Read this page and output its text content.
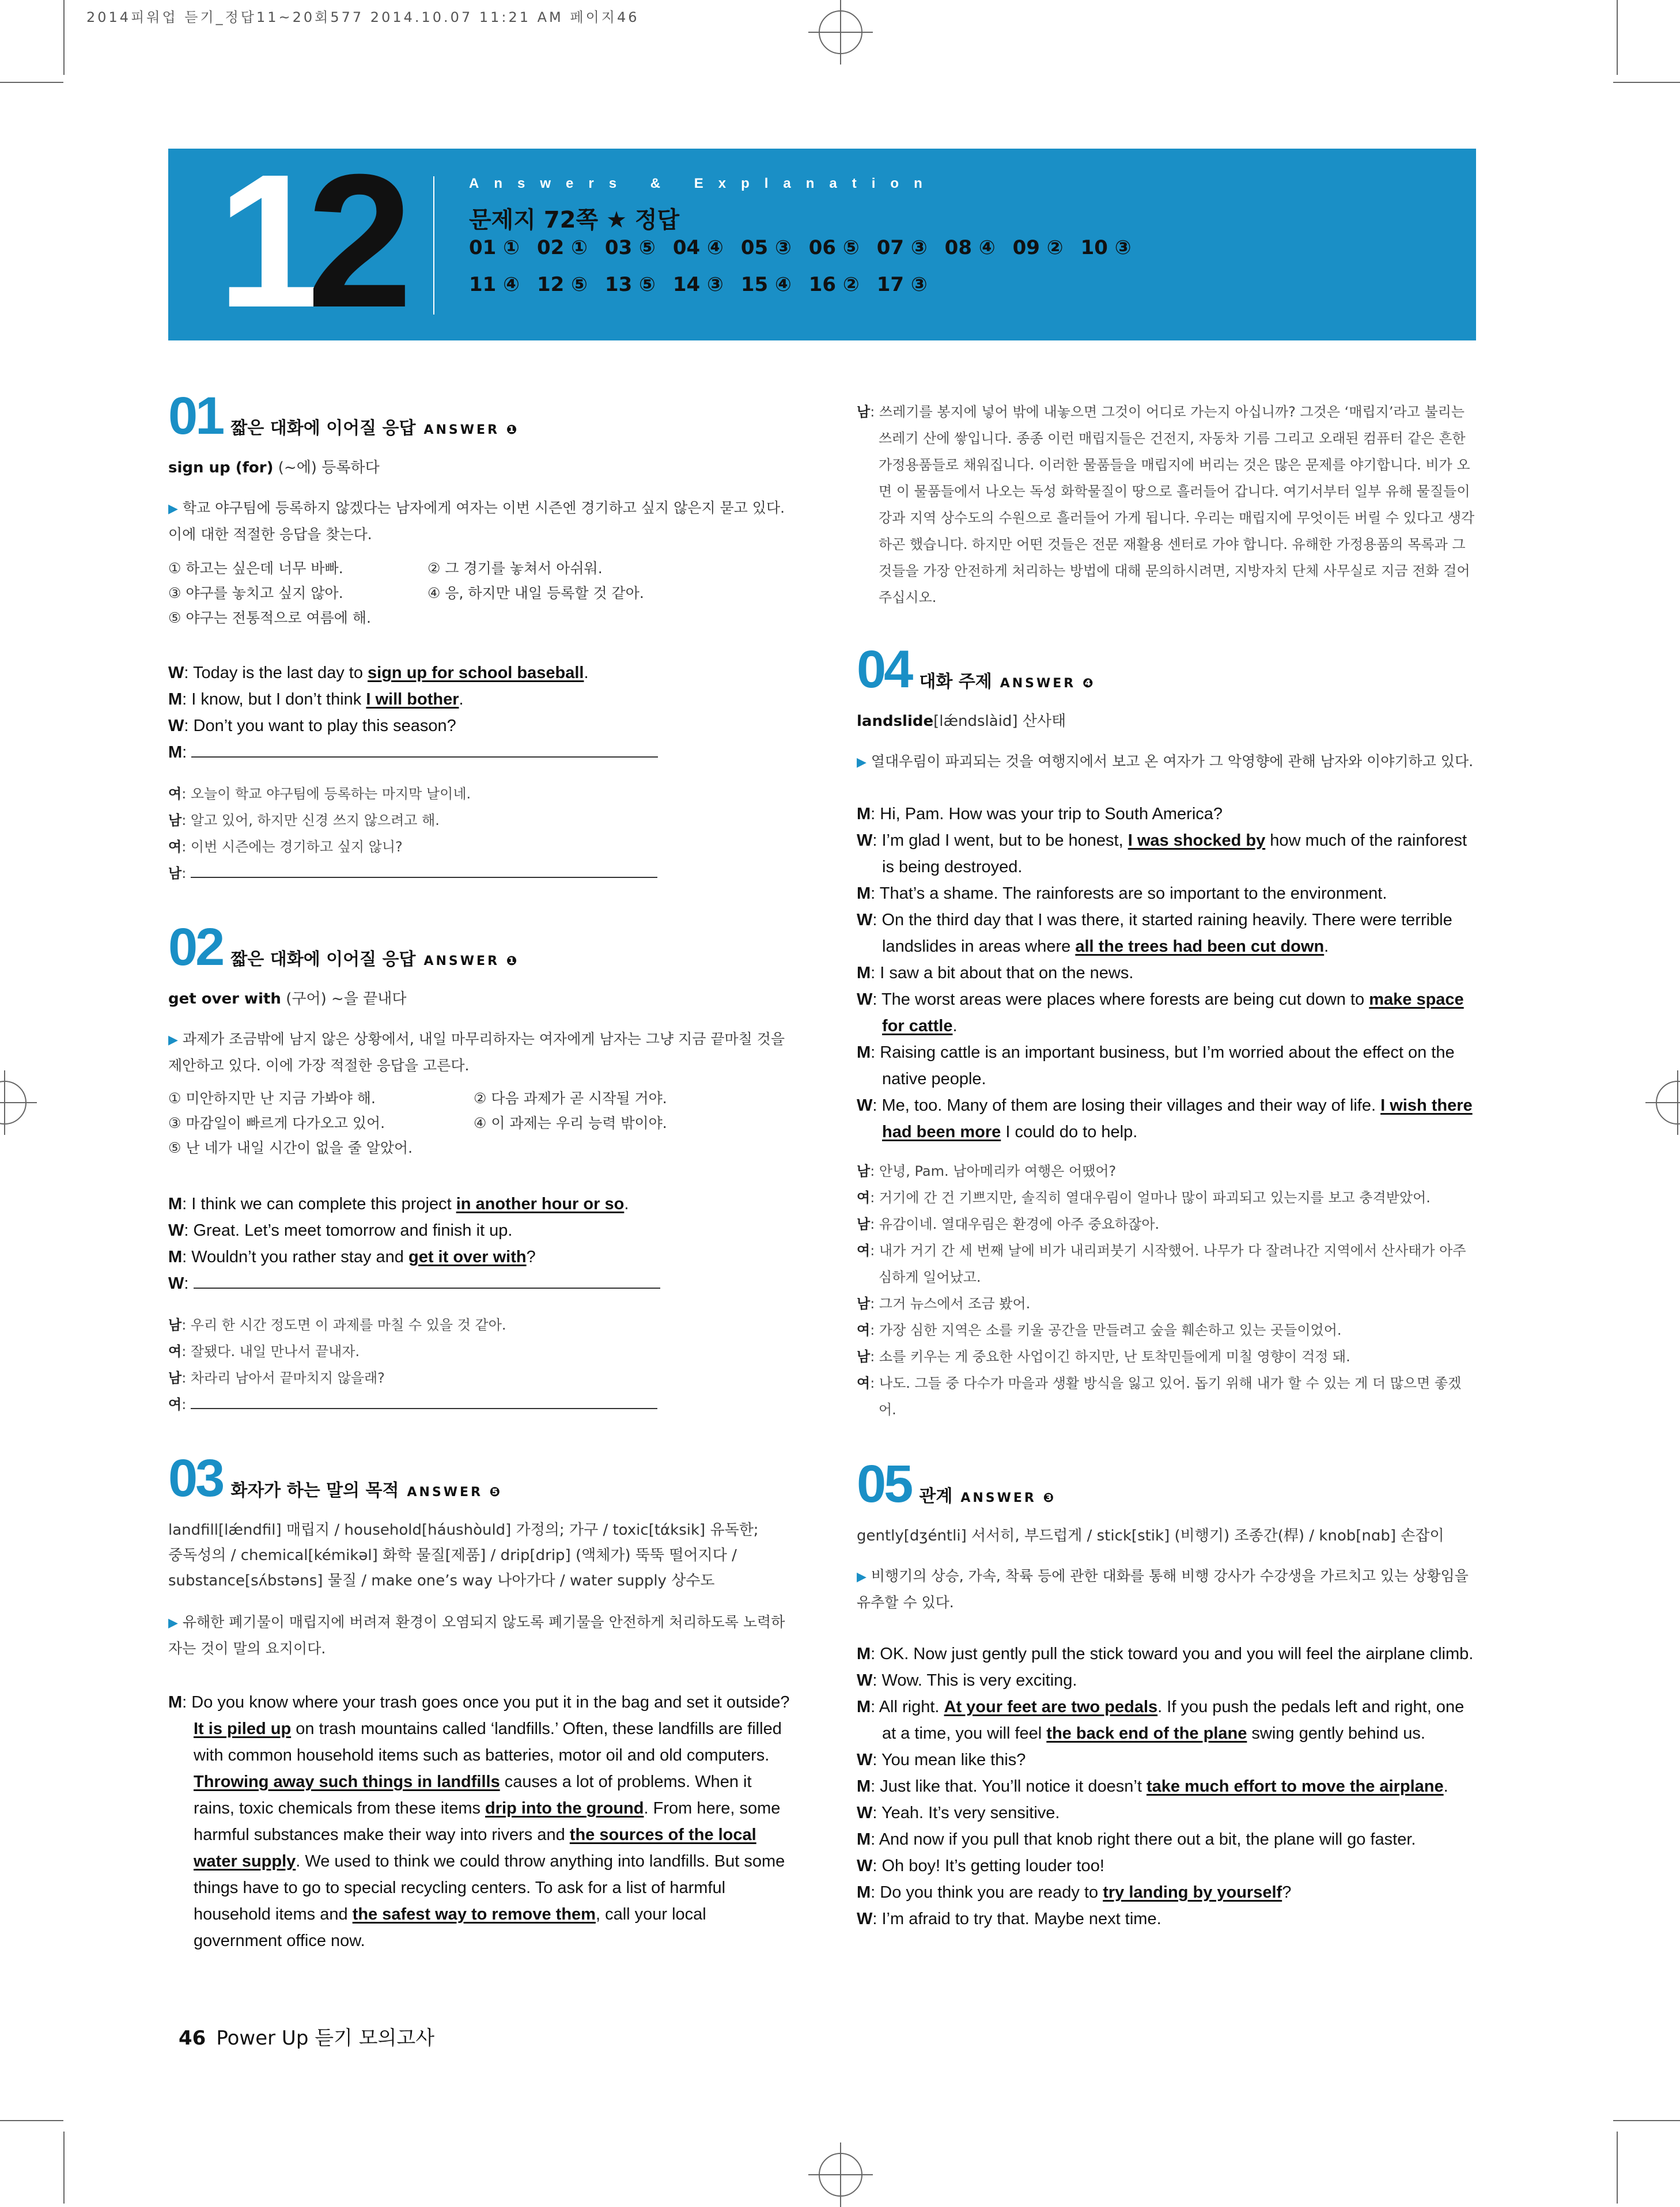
2014피워업 듣기_정답11~20회577 2014.10.07 11:21 AM 페이지46
12	Answers & Explanation
문제지 72쪽 ★ 정답
01 ① 02 ① 03 ⑤ 04 ④ 05 ③ 06 ⑤ 07 ③ 08 ④ 09 ② 10 ③
11 ④ 12 ⑤ 13 ⑤ 14 ③ 15 ④ 16 ② 17 ③
01 짧은 대화에 이어질 응답 ANSWER ❶
sign up (for) (~에) 등록하다
▶ 학교 야구팀에 등록하지 않겠다는 남자에게 여자는 이번 시즌엔 경기하고 싶지 않은지 묻고 있다. 이에 대한 적절한 응답을 찾는다.
① 하고는 싶은데 너무 바빠.	② 그 경기를 놓쳐서 아쉬워.
③ 야구를 놓치고 싶지 않아.	④ 응, 하지만 내일 등록할 것 같아.
⑤ 야구는 전통적으로 여름에 해.
W: Today is the last day to sign up for school baseball.
M: I know, but I don’t think I will bother.
W: Don’t you want to play this season?
M:
여: 오늘이 학교 야구팀에 등록하는 마지막 날이네.
남: 알고 있어, 하지만 신경 쓰지 않으려고 해.
여: 이번 시즌에는 경기하고 싶지 않니?
남:
02 짧은 대화에 이어질 응답 ANSWER ❶
get over with (구어) ~을 끝내다
▶ 과제가 조금밖에 남지 않은 상황에서, 내일 마무리하자는 여자에게 남자는 그냥 지금 끝마칠 것을 제안하고 있다. 이에 가장 적절한 응답을 고른다.
① 미안하지만 난 지금 가봐야 해.	② 다음 과제가 곧 시작될 거야.
③ 마감일이 빠르게 다가오고 있어.	④ 이 과제는 우리 능력 밖이야.
⑤ 난 네가 내일 시간이 없을 줄 알았어.
M: I think we can complete this project in another hour or so.
W: Great. Let’s meet tomorrow and finish it up.
M: Wouldn’t you rather stay and get it over with?
W:
남: 우리 한 시간 정도면 이 과제를 마칠 수 있을 것 같아.
여: 잘됐다. 내일 만나서 끝내자.
남: 차라리 남아서 끝마치지 않을래?
여:
03 화자가 하는 말의 목적 ANSWER ❺
landfill[lǽndfil] 매립지 / household[háushòuld] 가정의; 가구 / toxic[tάksik] 유독한;
중독성의 / chemical[kémikəl] 화학 물질[제품] / drip[drip] (액체가) 뚝뚝 떨어지다 /
substance[sʌ́bstəns] 물질 / make one’s way 나아가다 / water supply 상수도
▶ 유해한 폐기물이 매립지에 버려져 환경이 오염되지 않도록 폐기물을 안전하게 처리하도록 노력하자는 것이 말의 요지이다.
M: Do you know where your trash goes once you put it in the bag and set it outside? It is piled up on trash mountains called ‘landfills.’ Often, these landfills are filled with common household items such as batteries, motor oil and old computers. Throwing away such things in landfills causes a lot of problems. When it rains, toxic chemicals from these items drip into the ground. From here, some harmful substances make their way into rivers and the sources of the local water supply. We used to think we could throw anything into landfills. But some things have to go to special recycling centers. To ask for a list of harmful household items and the safest way to remove them, call your local government office now.
남: 쓰레기를 봉지에 넣어 밖에 내놓으면 그것이 어디로 가는지 아십니까? 그것은 ‘매립지’라고 불리는 쓰레기 산에 쌓입니다. 종종 이런 매립지들은 건전지, 자동차 기름 그리고 오래된 컴퓨터 같은 흔한 가정용품들로 채워집니다. 이러한 물품들을 매립지에 버리는 것은 많은 문제를 야기합니다. 비가 오면 이 물품들에서 나오는 독성 화학물질이 땅으로 흘러들어 갑니다. 여기서부터 일부 유해 물질들이 강과 지역 상수도의 수원으로 흘러들어 가게 됩니다. 우리는 매립지에 무엇이든 버릴 수 있다고 생각하곤 했습니다. 하지만 어떤 것들은 전문 재활용 센터로 가야 합니다. 유해한 가정용품의 목록과 그것들을 가장 안전하게 처리하는 방법에 대해 문의하시려면, 지방자치 단체 사무실로 지금 전화 걸어 주십시오.
04 대화 주제 ANSWER ❹
landslide[lǽndslàid] 산사태
▶ 열대우림이 파괴되는 것을 여행지에서 보고 온 여자가 그 악영향에 관해 남자와 이야기하고 있다.
M: Hi, Pam. How was your trip to South America?
W: I’m glad I went, but to be honest, I was shocked by how much of the rainforest is being destroyed.
M: That’s a shame. The rainforests are so important to the environment.
W: On the third day that I was there, it started raining heavily. There were terrible landslides in areas where all the trees had been cut down.
M: I saw a bit about that on the news.
W: The worst areas were places where forests are being cut down to make space for cattle.
M: Raising cattle is an important business, but I’m worried about the effect on the native people.
W: Me, too. Many of them are losing their villages and their way of life. I wish there had been more I could do to help.
남: 안녕, Pam. 남아메리카 여행은 어땠어?
여: 거기에 간 건 기쁘지만, 솔직히 열대우림이 얼마나 많이 파괴되고 있는지를 보고 충격받았어.
남: 유감이네. 열대우림은 환경에 아주 중요하잖아.
여: 내가 거기 간 세 번째 날에 비가 내리퍼붓기 시작했어. 나무가 다 잘려나간 지역에서 산사태가 아주 심하게 일어났고.
남: 그거 뉴스에서 조금 봤어.
여: 가장 심한 지역은 소를 키울 공간을 만들려고 숲을 훼손하고 있는 곳들이었어.
남: 소를 키우는 게 중요한 사업이긴 하지만, 난 토착민들에게 미칠 영향이 걱정 돼.
여: 나도. 그들 중 다수가 마을과 생활 방식을 잃고 있어. 돕기 위해 내가 할 수 있는 게 더 많으면 좋겠어.
05 관계 ANSWER ❸
gently[dʒéntli] 서서히, 부드럽게 / stick[stik] (비행기) 조종간(桿) / knob[nɑb] 손잡이
▶ 비행기의 상승, 가속, 착륙 등에 관한 대화를 통해 비행 강사가 수강생을 가르치고 있는 상황임을 유추할 수 있다.
M: OK. Now just gently pull the stick toward you and you will feel the airplane climb.
W: Wow. This is very exciting.
M: All right. At your feet are two pedals. If you push the pedals left and right, one at a time, you will feel the back end of the plane swing gently behind us.
W: You mean like this?
M: Just like that. You’ll notice it doesn’t take much effort to move the airplane.
W: Yeah. It’s very sensitive.
M: And now if you pull that knob right there out a bit, the plane will go faster.
W: Oh boy! It’s getting louder too!
M: Do you think you are ready to try landing by yourself?
W: I’m afraid to try that. Maybe next time.
46 Power Up 듣기 모의고사
